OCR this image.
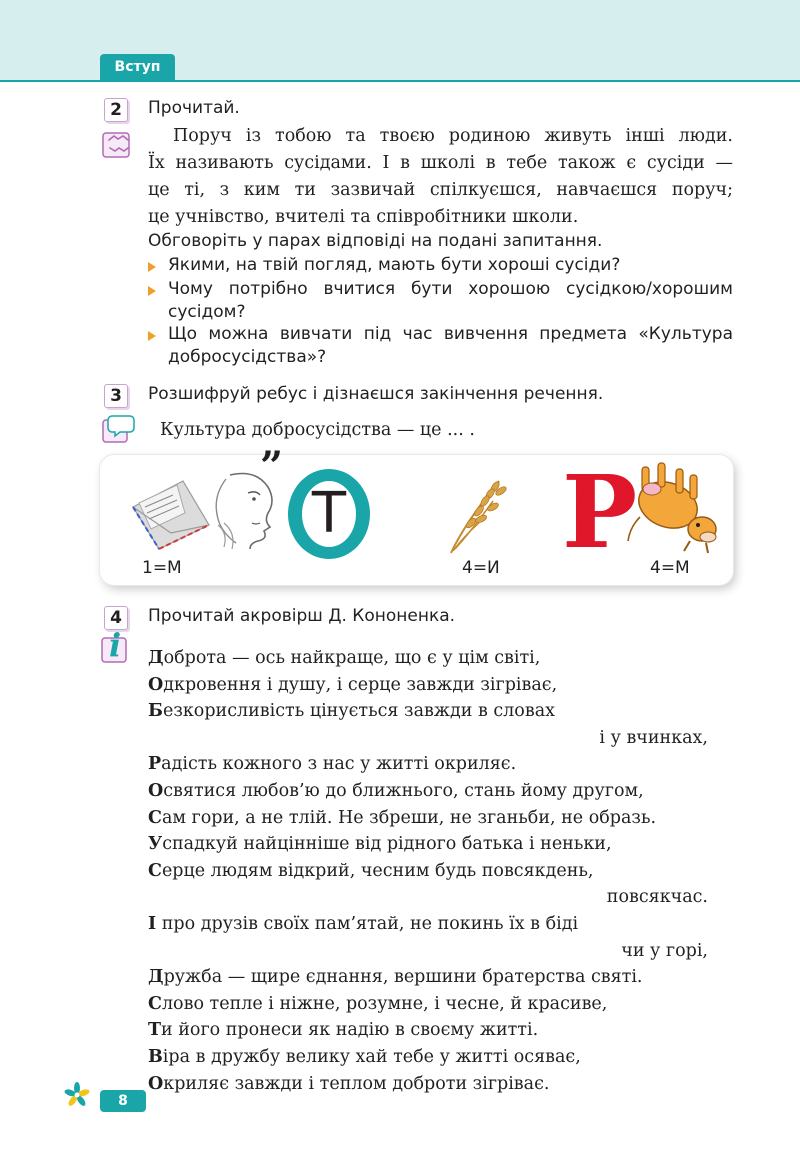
Вступ
2	Прочитай.
Поруч із тобою та твоєю родиною живуть інші люди.
Їх називають сусідами. І в школі в тебе також є сусіди —
це ті, з ким ти зазвичай спілкуєшся, навчаєшся поруч;
це учнівство, вчителі та співробітники школи.
Обговоріть у парах відповіді на подані запитання.
Якими, на твій погляд, мають бути хороші сусіди?
Чому потрібно вчитися бути хорошою сусідкою/хорошим
сусідом?
Що можна вивчати під час вивчення предмета «Культура
добросусідства»?
3	Розшифруй ребус і дізнаєшся закінчення речення.
Культура добросусідства — це ... .
”
Т Р
1=М	4=И	4=М
4	Прочитай акровірш Д. Кононенка.
i Доброта — ось найкраще, що є у цім світі,
Одкровення і душу, і серце завжди зігріває,
Безкорисливість цінується завжди в словах
і у вчинках,
Радість кожного з нас у житті окриляє.
Освятися любов’ю до ближнього, стань йому другом,
Сам гори, а не тлій. Не збреши, не зганьби, не образь.
Успадкуй найцінніше від рідного батька і неньки,
Серце людям відкрий, чесним будь повсякдень,
повсякчас.
І про друзів своїх пам’ятай, не покинь їх в біді
чи у горі,
Дружба — щире єднання, вершини братерства святі.
Слово тепле і ніжне, розумне, і чесне, й красиве,
Ти його пронеси як надію в своєму житті.
Віра в дружбу велику хай тебе у житті осяває,
Окриляє завжди і теплом доброти зігріває.
8
